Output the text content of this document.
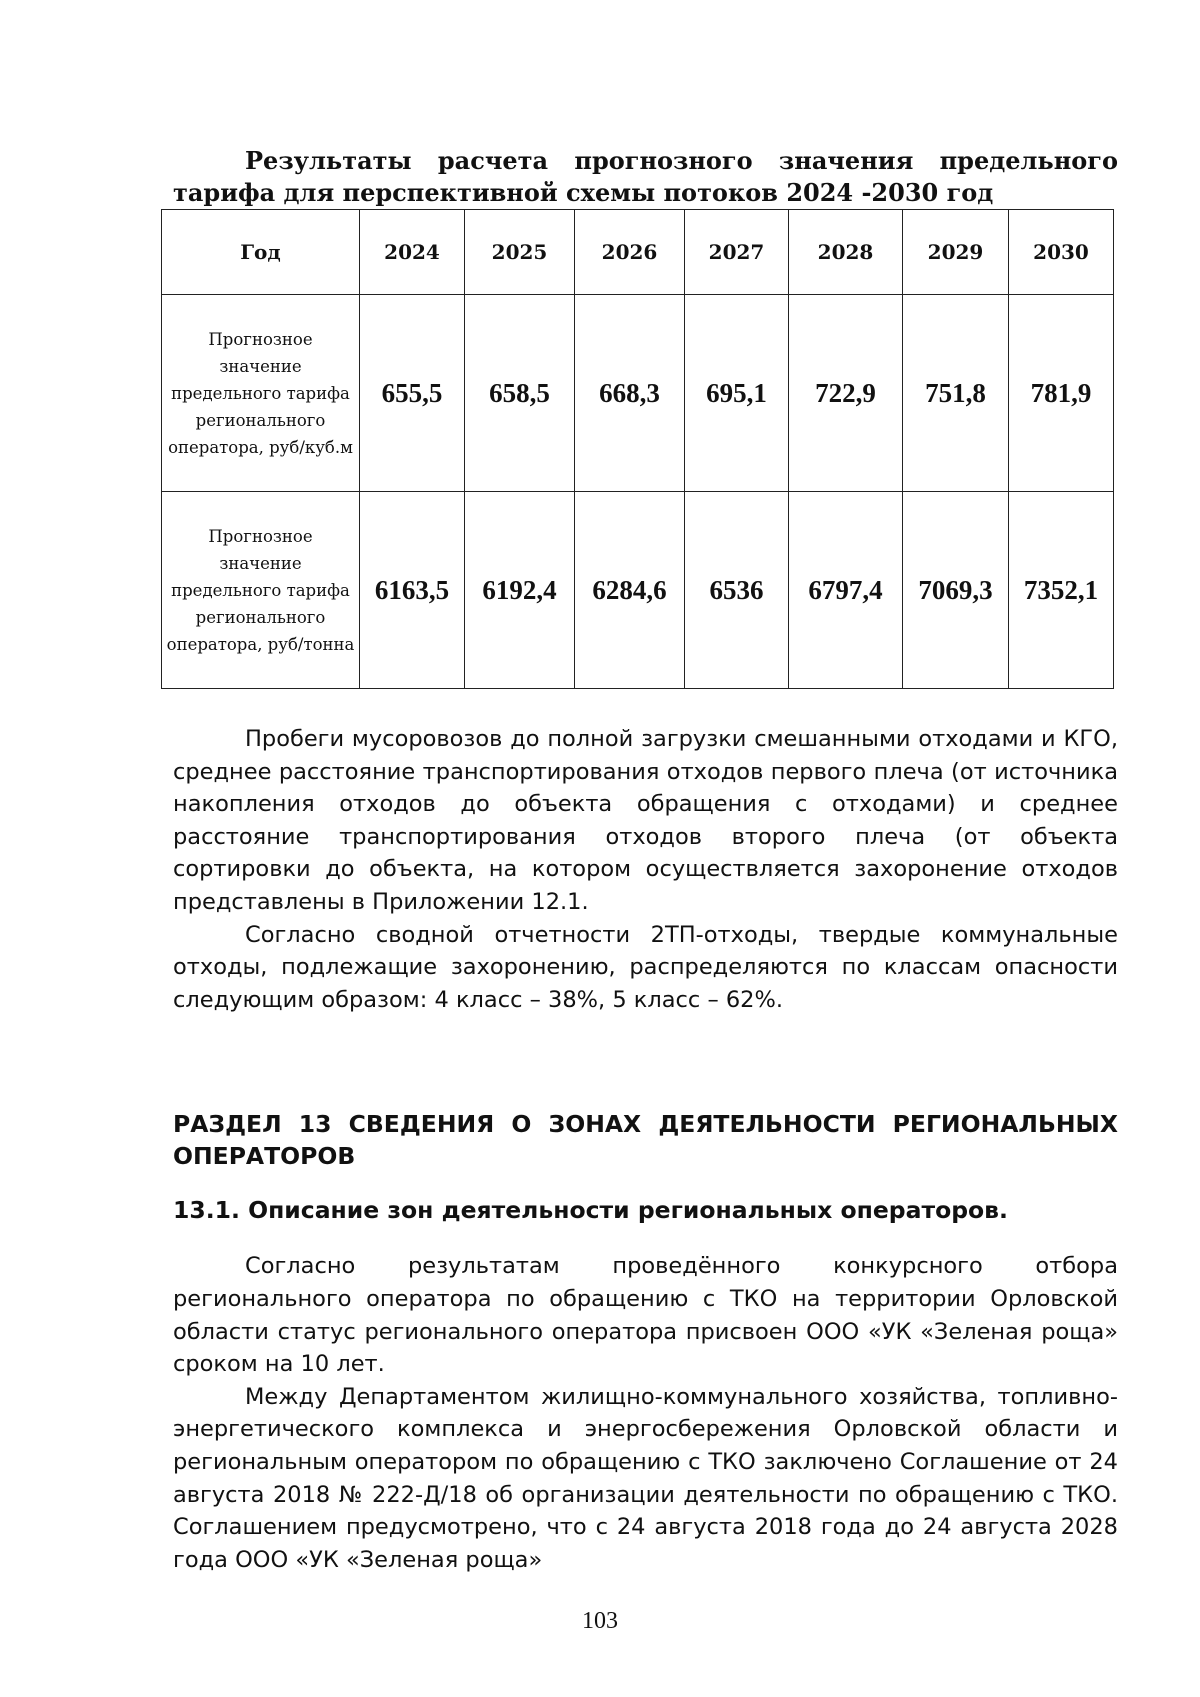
Результаты расчета прогнозного значения предельного
тарифа для перспективной схемы потоков 2024 -2030 год

Год	2024	2025	2026	2027	2028	2029	2030
Прогнозное значение предельного тарифа регионального оператора, руб/куб.м	655,5	658,5	668,3	695,1	722,9	751,8	781,9
Прогнозное значение предельного тарифа регионального оператора, руб/тонна	6163,5	6192,4	6284,6	6536	6797,4	7069,3	7352,1

Пробеги мусоровозов до полной загрузки смешанными отходами и КГО, среднее расстояние транспортирования отходов первого плеча (от источника накопления отходов до объекта обращения с отходами) и среднее расстояние транспортирования отходов второго плеча (от объекта сортировки до объекта, на котором осуществляется захоронение отходов представлены в Приложении 12.1.

Согласно сводной отчетности 2ТП-отходы, твердые коммунальные отходы, подлежащие захоронению, распределяются по классам опасности следующим образом: 4 класс – 38%, 5 класс – 62%.

РАЗДЕЛ 13 СВЕДЕНИЯ О ЗОНАХ ДЕЯТЕЛЬНОСТИ РЕГИОНАЛЬНЫХ ОПЕРАТОРОВ
13.1. Описание зон деятельности региональных операторов.

Согласно результатам проведённого конкурсного отбора регионального оператора по обращению с ТКО на территории Орловской области статус регионального оператора присвоен ООО «УК «Зеленая роща» сроком на 10 лет.

Между Департаментом жилищно-коммунального хозяйства, топливно-энергетического комплекса и энергосбережения Орловской области и региональным оператором по обращению с ТКО заключено Соглашение от 24 августа 2018 № 222-Д/18 об организации деятельности по обращению с ТКО. Соглашением предусмотрено, что с 24 августа 2018 года до 24 августа 2028 года ООО «УК «Зеленая роща»

103
